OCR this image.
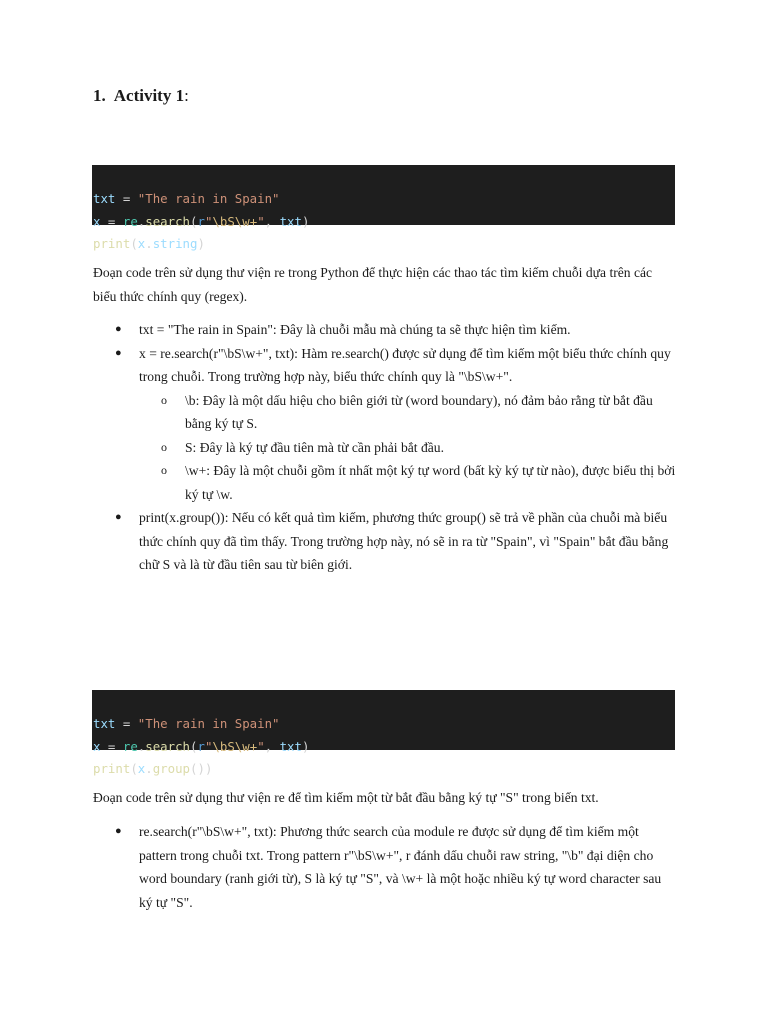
1. Activity 1:

txt = "The rain in Spain"
x = re.search(r"\bS\w+", txt)
print(x.string)

Đoạn code trên sử dụng thư viện re trong Python để thực hiện các thao tác tìm kiếm chuỗi dựa trên các biểu thức chính quy (regex).

● txt = "The rain in Spain": Đây là chuỗi mẫu mà chúng ta sẽ thực hiện tìm kiếm.
● x = re.search(r"\bS\w+", txt): Hàm re.search() được sử dụng để tìm kiếm một biểu thức chính quy trong chuỗi. Trong trường hợp này, biểu thức chính quy là "\bS\w+".
o \b: Đây là một dấu hiệu cho biên giới từ (word boundary), nó đảm bảo rằng từ bắt đầu bằng ký tự S.
o S: Đây là ký tự đầu tiên mà từ cần phải bắt đầu.
o \w+: Đây là một chuỗi gồm ít nhất một ký tự word (bất kỳ ký tự từ nào), được biểu thị bởi ký tự \w.
● print(x.group()): Nếu có kết quả tìm kiếm, phương thức group() sẽ trả về phần của chuỗi mà biểu thức chính quy đã tìm thấy. Trong trường hợp này, nó sẽ in ra từ "Spain", vì "Spain" bắt đầu bằng chữ S và là từ đầu tiên sau từ biên giới.

txt = "The rain in Spain"
x = re.search(r"\bS\w+", txt)
print(x.group())

Đoạn code trên sử dụng thư viện re để tìm kiếm một từ bắt đầu bằng ký tự "S" trong biến txt.

● re.search(r"\bS\w+", txt): Phương thức search của module re được sử dụng để tìm kiếm một pattern trong chuỗi txt. Trong pattern r"\bS\w+", r đánh dấu chuỗi raw string, "\b" đại diện cho word boundary (ranh giới từ), S là ký tự "S", và \w+ là một hoặc nhiều ký tự word character sau ký tự "S".
